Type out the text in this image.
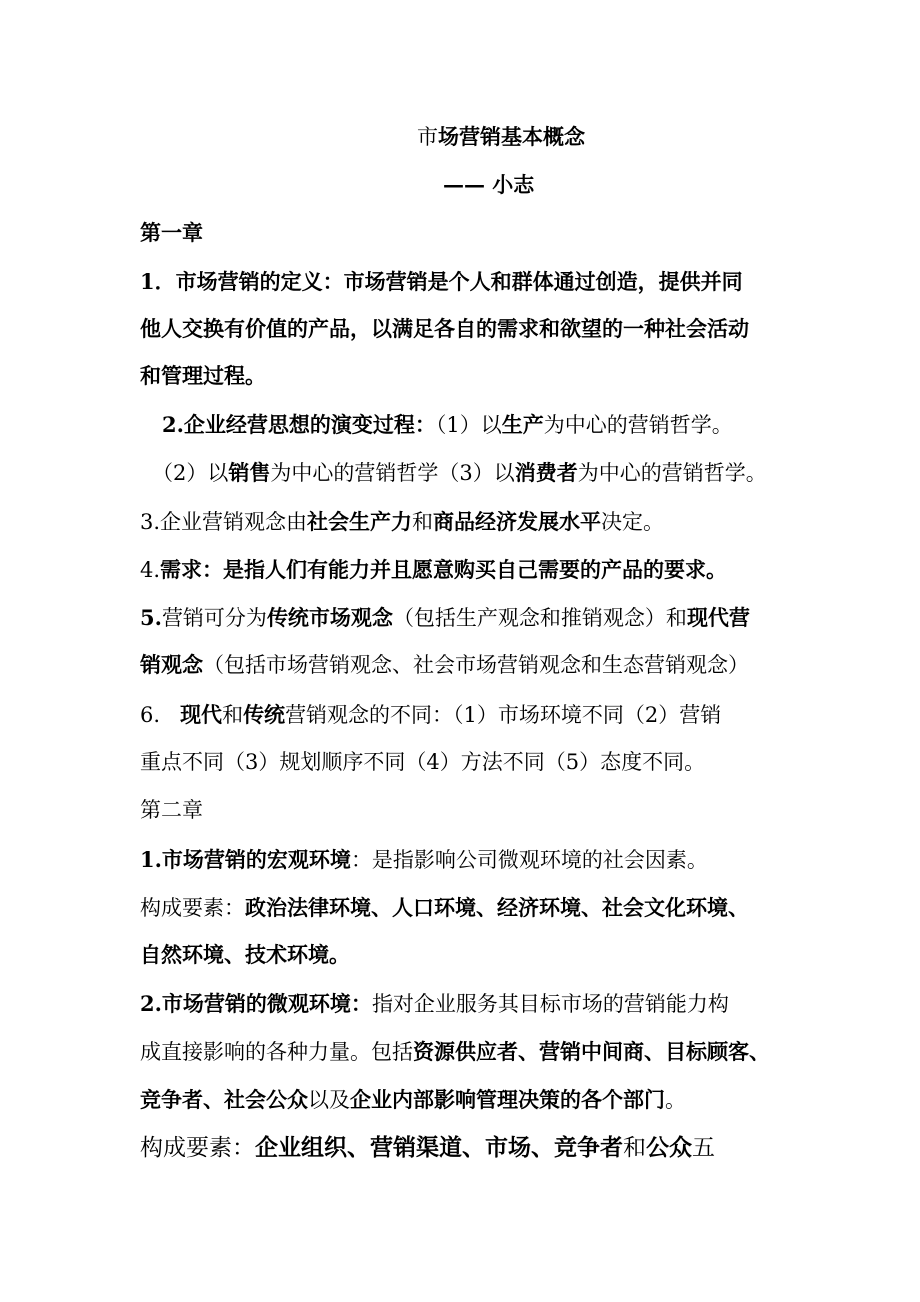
市场营销基本概念
—— 小志
第一章
1．市场营销的定义：市场营销是个人和群体通过创造，提供并同
他人交换有价值的产品，以满足各自的需求和欲望的一种社会活动
和管理过程。
2.企业经营思想的演变过程：（1）以生产为中心的营销哲学。
（2）以销售为中心的营销哲学（3）以消费者为中心的营销哲学。
3.企业营销观念由社会生产力和商品经济发展水平决定。
4.需求：是指人们有能力并且愿意购买自己需要的产品的要求。
5.营销可分为传统市场观念（包括生产观念和推销观念）和现代营
销观念（包括市场营销观念、社会市场营销观念和生态营销观念）
6.   现代和传统营销观念的不同：（1）市场环境不同（2）营销
重点不同（3）规划顺序不同（4）方法不同（5）态度不同。
第二章
1.市场营销的宏观环境：是指影响公司微观环境的社会因素。
构成要素：政治法律环境、人口环境、经济环境、社会文化环境、
自然环境、技术环境。
2.市场营销的微观环境：指对企业服务其目标市场的营销能力构
成直接影响的各种力量。包括资源供应者、营销中间商、目标顾客、
竞争者、社会公众以及企业内部影响管理决策的各个部门。
构成要素：企业组织、营销渠道、市场、竞争者和公众五
